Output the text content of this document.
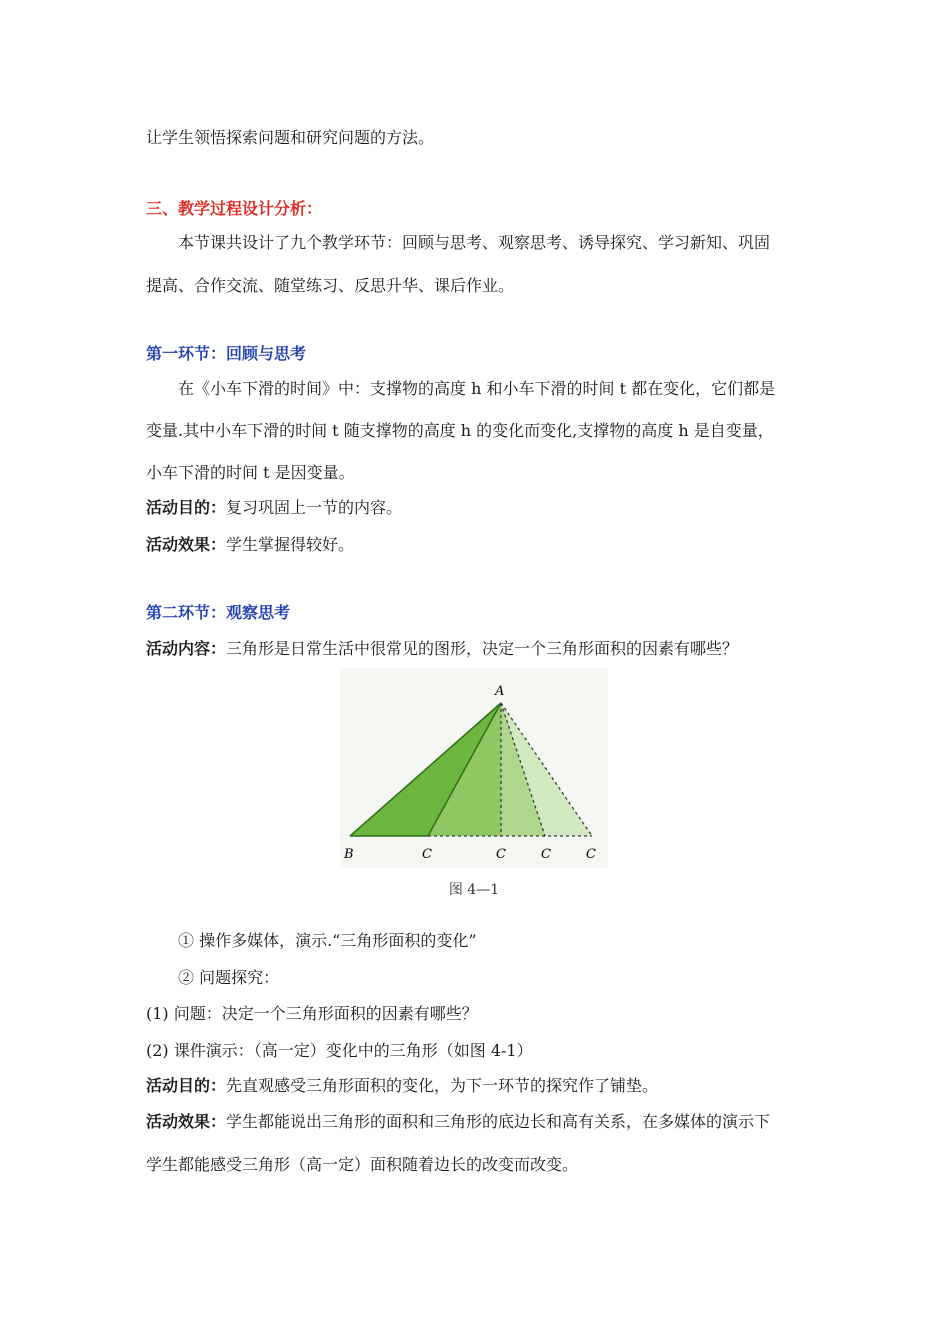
让学生领悟探索问题和研究问题的方法。
三、教学过程设计分析：
本节课共设计了九个教学环节：回顾与思考、观察思考、诱导探究、学习新知、巩固
提高、合作交流、随堂练习、反思升华、课后作业。
第一环节：回顾与思考
在《小车下滑的时间》中：支撑物的高度 h 和小车下滑的时间 t 都在变化，它们都是
变量.其中小车下滑的时间 t 随支撑物的高度 h 的变化而变化,支撑物的高度 h 是自变量，
小车下滑的时间 t 是因变量。
活动目的：复习巩固上一节的内容。
活动效果：学生掌握得较好。
第二环节：观察思考
活动内容：三角形是日常生活中很常见的图形，决定一个三角形面积的因素有哪些？
A
B	C	C	C	C
图 4—1
① 操作多媒体，演示.“三角形面积的变化”
② 问题探究：
(1) 问题：决定一个三角形面积的因素有哪些？
(2) 课件演示：（高一定）变化中的三角形（如图 4-1）
活动目的：先直观感受三角形面积的变化，为下一环节的探究作了铺垫。
活动效果：学生都能说出三角形的面积和三角形的底边长和高有关系，在多媒体的演示下
学生都能感受三角形（高一定）面积随着边长的改变而改变。
